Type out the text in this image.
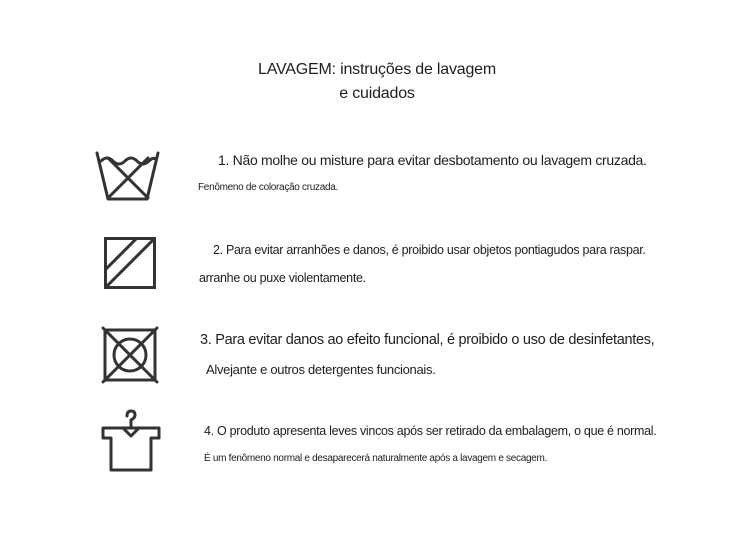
LAVAGEM: instruções de lavagem
e cuidados
1. Não molhe ou misture para evitar desbotamento ou lavagem cruzada.
Fenômeno de coloração cruzada.
2. Para evitar arranhões e danos, é proibido usar objetos pontiagudos para raspar.
arranhe ou puxe violentamente.
3. Para evitar danos ao efeito funcional, é proibido o uso de desinfetantes,
Alvejante e outros detergentes funcionais.
4. O produto apresenta leves vincos após ser retirado da embalagem, o que é normal.
É um fenômeno normal e desaparecerá naturalmente após a lavagem e secagem.
